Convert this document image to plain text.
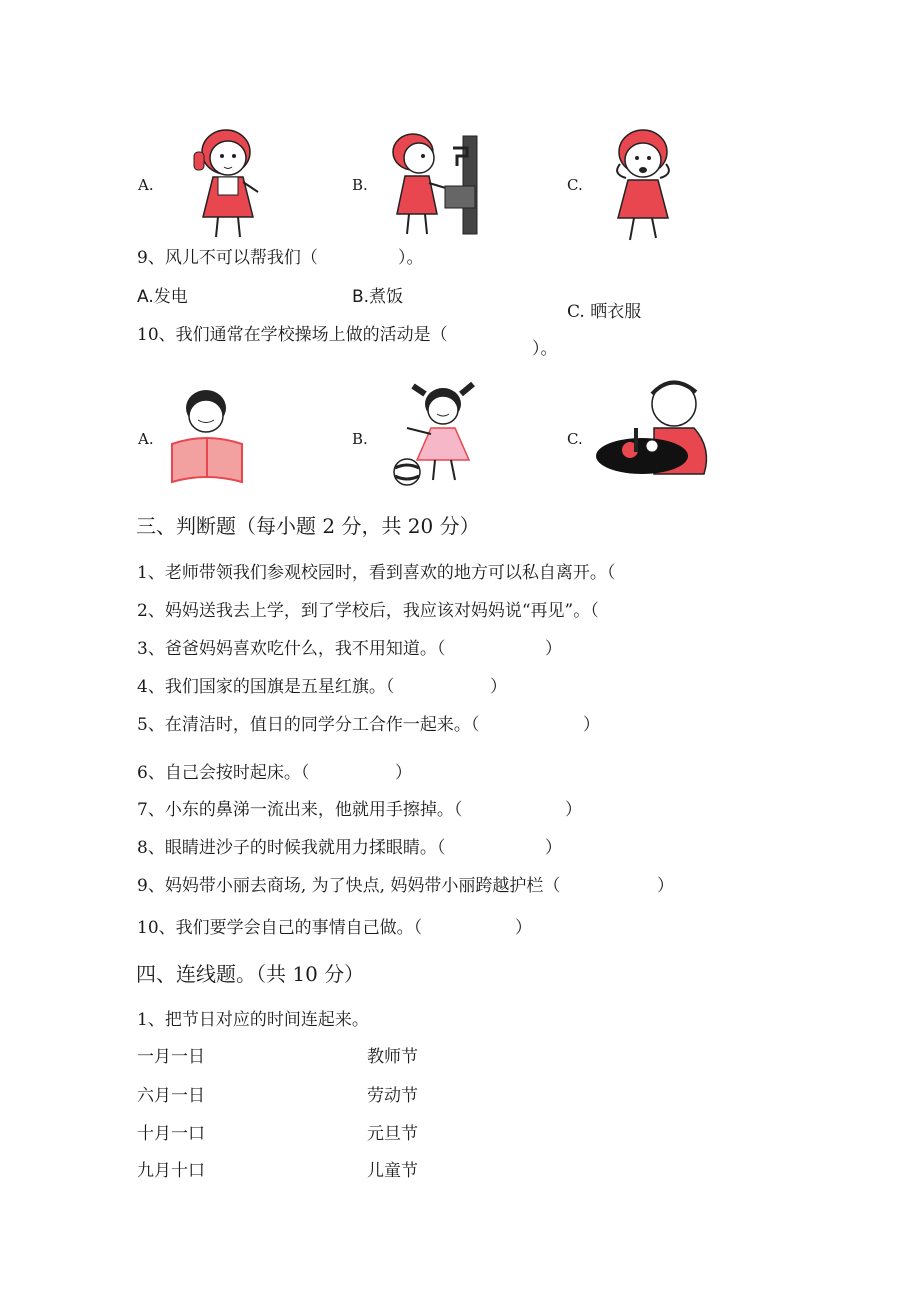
A.	B.	C.
9、风儿不可以帮我们（	）。
A.发电	B.煮饭
C. 晒衣服
10、我们通常在学校操场上做的活动是（
）。
A.	B.	C.
三、判断题（每小题 2 分，共 20 分）
1、老师带领我们参观校园时，看到喜欢的地方可以私自离开。（
2、妈妈送我去上学，到了学校后，我应该对妈妈说“再见”。（
3、爸爸妈妈喜欢吃什么，我不用知道。（	）
4、我们国家的国旗是五星红旗。（	）
5、在清洁时，值日的同学分工合作一起来。（	）
6、自己会按时起床。（	）
7、小东的鼻涕一流出来，他就用手擦掉。（	）
8、眼睛进沙子的时候我就用力揉眼睛。（	）
9、妈妈带小丽去商场, 为了快点, 妈妈带小丽跨越护栏（	）
10、我们要学会自己的事情自己做。（	）
四、连线题。（共 10 分）
1、把节日对应的时间连起来。
一月一日	教师节
六月一日	劳动节
十月一口	元旦节
九月十口	儿童节
